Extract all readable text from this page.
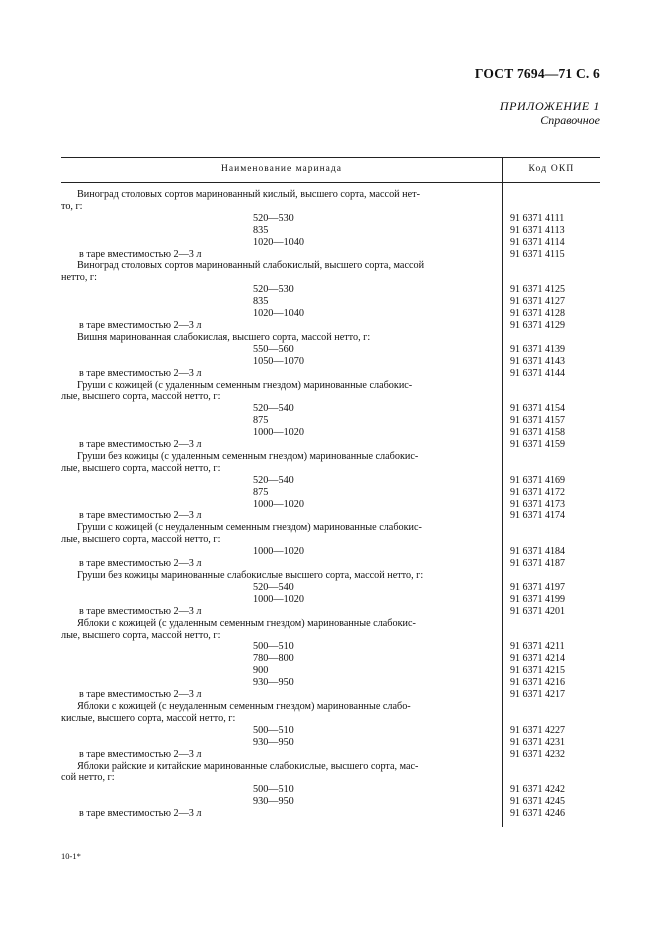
ГОСТ 7694—71 С. 6
ПРИЛОЖЕНИЕ 1
Справочное
Наименование маринада	Код ОКП
Виноград столовых сортов маринованный кислый, высшего сорта, массой нет-
то, г:
520—530	91 6371 4111
835	91 6371 4113
1020—1040	91 6371 4114
в таре вместимостью 2—3 л	91 6371 4115
Виноград столовых сортов маринованный слабокислый, высшего сорта, массой
нетто, г:
520—530	91 6371 4125
835	91 6371 4127
1020—1040	91 6371 4128
в таре вместимостью 2—3 л	91 6371 4129
Вишня маринованная слабокислая, высшего сорта, массой нетто, г:
550—560	91 6371 4139
1050—1070	91 6371 4143
в таре вместимостью 2—3 л	91 6371 4144
Груши с кожицей (с удаленным семенным гнездом) маринованные слабокис-
лые, высшего сорта, массой нетто, г:
520—540	91 6371 4154
875	91 6371 4157
1000—1020	91 6371 4158
в таре вместимостью 2—3 л	91 6371 4159
Груши без кожицы (с удаленным семенным гнездом) маринованные слабокис-
лые, высшего сорта, массой нетто, г:
520—540	91 6371 4169
875	91 6371 4172
1000—1020	91 6371 4173
в таре вместимостью 2—3 л	91 6371 4174
Груши с кожицей (с неудаленным семенным гнездом) маринованные слабокис-
лые, высшего сорта, массой нетто, г:
1000—1020	91 6371 4184
в таре вместимостью 2—3 л	91 6371 4187
Груши без кожицы маринованные слабокислые высшего сорта, массой нетто, г:
520—540	91 6371 4197
1000—1020	91 6371 4199
в таре вместимостью 2—3 л	91 6371 4201
Яблоки с кожицей (с удаленным семенным гнездом) маринованные слабокис-
лые, высшего сорта, массой нетто, г:
500—510	91 6371 4211
780—800	91 6371 4214
900	91 6371 4215
930—950	91 6371 4216
в таре вместимостью 2—3 л	91 6371 4217
Яблоки с кожицей (с неудаленным семенным гнездом) маринованные слабо-
кислые, высшего сорта, массой нетто, г:
500—510	91 6371 4227
930—950	91 6371 4231
в таре вместимостью 2—3 л	91 6371 4232
Яблоки райские и китайские маринованные слабокислые, высшего сорта, мас-
сой нетто, г:
500—510	91 6371 4242
930—950	91 6371 4245
в таре вместимостью 2—3 л	91 6371 4246
10-1*
